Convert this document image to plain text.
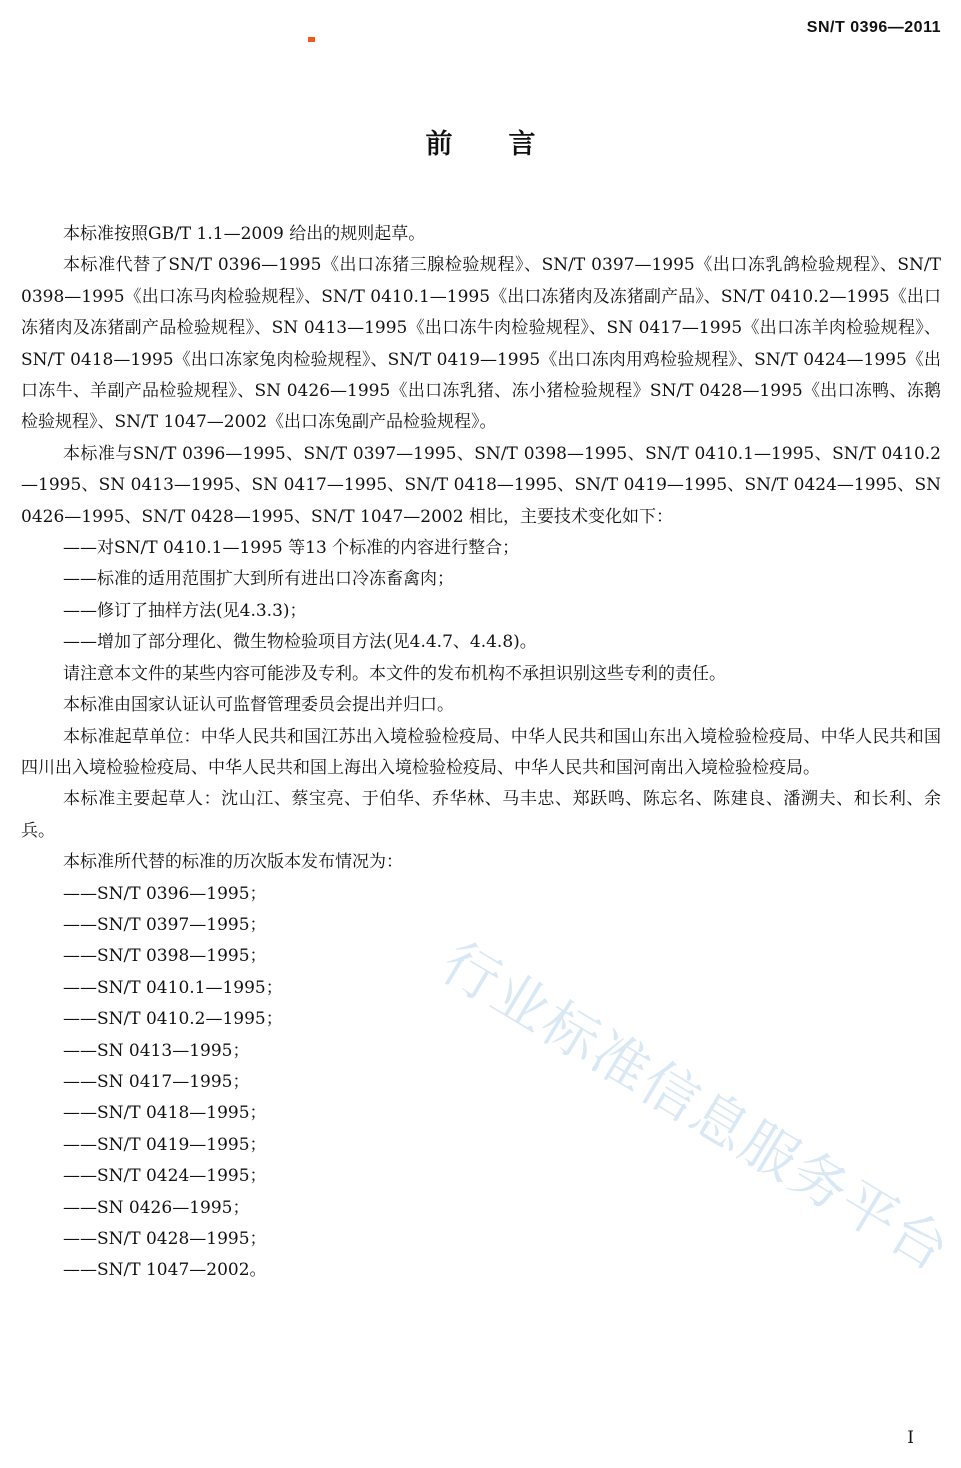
SN/T 0396—2011
前言

本标准按照GB/T 1.1—2009 给出的规则起草。

本标准代替了SN/T 0396—1995《出口冻猪三腺检验规程》、SN/T 0397—1995《出口冻乳鸽检验规程》、SN/T 0398—1995《出口冻马肉检验规程》、SN/T 0410.1—1995《出口冻猪肉及冻猪副产品》、SN/T 0410.2—1995《出口冻猪肉及冻猪副产品检验规程》、SN 0413—1995《出口冻牛肉检验规程》、SN 0417—1995《出口冻羊肉检验规程》、SN/T 0418—1995《出口冻家兔肉检验规程》、SN/T 0419—1995《出口冻肉用鸡检验规程》、SN/T 0424—1995《出口冻牛、羊副产品检验规程》、SN 0426—1995《出口冻乳猪、冻小猪检验规程》SN/T 0428—1995《出口冻鸭、冻鹅检验规程》、SN/T 1047—2002《出口冻兔副产品检验规程》。

本标准与SN/T 0396—1995、SN/T 0397—1995、SN/T 0398—1995、SN/T 0410.1—1995、SN/T 0410.2—1995、SN 0413—1995、SN 0417—1995、SN/T 0418—1995、SN/T 0419—1995、SN/T 0424—1995、SN 0426—1995、SN/T 0428—1995、SN/T 1047—2002 相比，主要技术变化如下：

——对SN/T 0410.1—1995 等13 个标准的内容进行整合；

——标准的适用范围扩大到所有进出口冷冻畜禽肉；

——修订了抽样方法(见4.3.3)；

——增加了部分理化、微生物检验项目方法(见4.4.7、4.4.8)。

请注意本文件的某些内容可能涉及专利。本文件的发布机构不承担识别这些专利的责任。

本标准由国家认证认可监督管理委员会提出并归口。

本标准起草单位：中华人民共和国江苏出入境检验检疫局、中华人民共和国山东出入境检验检疫局、中华人民共和国四川出入境检验检疫局、中华人民共和国上海出入境检验检疫局、中华人民共和国河南出入境检验检疫局。

本标准主要起草人：沈山江、蔡宝亮、于伯华、乔华林、马丰忠、郑跃鸣、陈忘名、陈建良、潘溯夫、和长利、余兵。

本标准所代替的标准的历次版本发布情况为：

——SN/T 0396—1995；

——SN/T 0397—1995；

——SN/T 0398—1995；

——SN/T 0410.1—1995；

——SN/T 0410.2—1995；

——SN 0413—1995；

——SN 0417—1995；

——SN/T 0418—1995；

——SN/T 0419—1995；

——SN/T 0424—1995；

——SN 0426—1995；

——SN/T 0428—1995；

——SN/T 1047—2002。	行业标准信息服务平台
I
